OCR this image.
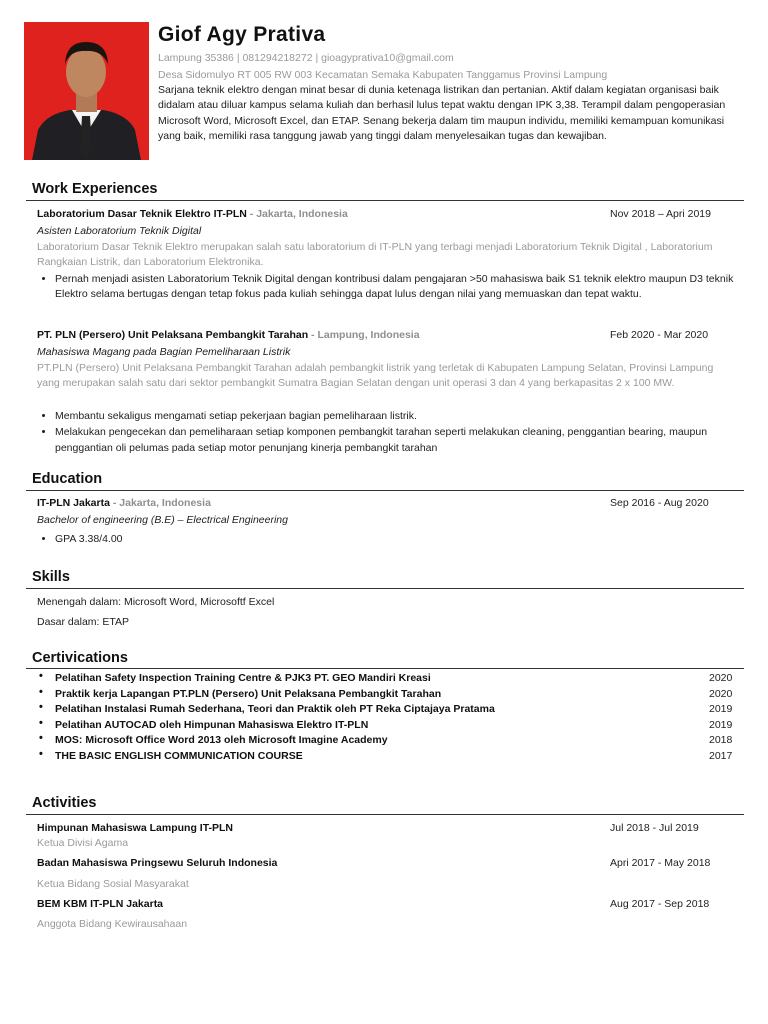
Giof Agy Prativa
Lampung 35386 | 081294218272 | gioagyprativa10@gmail.com
Desa Sidomulyo RT 005 RW 003 Kecamatan Semaka Kabupaten Tanggamus Provinsi Lampung
Sarjana teknik elektro dengan minat besar di dunia ketenaga listrikan dan pertanian. Aktif dalam kegiatan organisasi baik didalam atau diluar kampus selama kuliah dan berhasil lulus tepat waktu dengan IPK 3,38. Terampil dalam pengoperasian Microsoft Word, Microsoft Excel, dan ETAP. Senang bekerja dalam tim maupun individu, memiliki kemampuan komunikasi yang baik, memiliki rasa tanggung jawab yang tinggi dalam menyelesaikan tugas dan kewajiban.
Work Experiences
Laboratorium Dasar Teknik Elektro IT-PLN - Jakarta, Indonesia	Nov 2018 – Apri 2019
Asisten Laboratorium Teknik Digital
Laboratorium Dasar Teknik Elektro merupakan salah satu laboratorium di IT-PLN yang terbagi menjadi Laboratorium Teknik Digital , Laboratorium Rangkaian Listrik, dan Laboratorium Elektronika.
• Pernah menjadi asisten Laboratorium Teknik Digital dengan kontribusi dalam pengajaran >50 mahasiswa baik S1 teknik elektro maupun D3 teknik Elektro selama bertugas dengan tetap fokus pada kuliah sehingga dapat lulus dengan nilai yang memuaskan dan tepat waktu.
PT. PLN (Persero) Unit Pelaksana Pembangkit Tarahan - Lampung, Indonesia	Feb 2020 - Mar 2020
Mahasiswa Magang pada Bagian Pemeliharaan Listrik
PT.PLN (Persero) Unit Pelaksana Pembangkit Tarahan adalah pembangkit listrik yang terletak di Kabupaten Lampung Selatan, Provinsi Lampung yang merupakan salah satu dari sektor pembangkit Sumatra Bagian Selatan dengan unit operasi 3 dan 4 yang berkapasitas 2 x 100 MW.
• Membantu sekaligus mengamati setiap pekerjaan bagian pemeliharaan listrik.
• Melakukan pengecekan dan pemeliharaan setiap komponen pembangkit tarahan seperti melakukan cleaning, penggantian bearing, maupun penggantian oli pelumas pada setiap motor penunjang kinerja pembangkit tarahan
Education
IT-PLN Jakarta - Jakarta, Indonesia	Sep 2016 - Aug 2020
Bachelor of engineering (B.E) – Electrical Engineering
• GPA 3.38/4.00
Skills
Menengah dalam: Microsoft Word, Microsoftf Excel
Dasar dalam: ETAP
Certivications
• Pelatihan Safety Inspection Training Centre & PJK3 PT. GEO Mandiri Kreasi	2020
• Praktik kerja Lapangan PT.PLN (Persero) Unit Pelaksana Pembangkit Tarahan	2020
• Pelatihan Instalasi Rumah Sederhana, Teori dan Praktik oleh PT Reka Ciptajaya Pratama	2019
• Pelatihan AUTOCAD oleh Himpunan Mahasiswa Elektro IT-PLN	2019
• MOS: Microsoft Office Word 2013 oleh Microsoft Imagine Academy	2018
• THE BASIC ENGLISH COMMUNICATION COURSE	2017
Activities
Himpunan Mahasiswa Lampung IT-PLN	Jul 2018 - Jul 2019
Ketua Divisi Agama
Badan Mahasiswa Pringsewu Seluruh Indonesia	Apri 2017 - May 2018
Ketua Bidang Sosial Masyarakat
BEM KBM IT-PLN Jakarta	Aug 2017 - Sep 2018
Anggota Bidang Kewirausahaan
